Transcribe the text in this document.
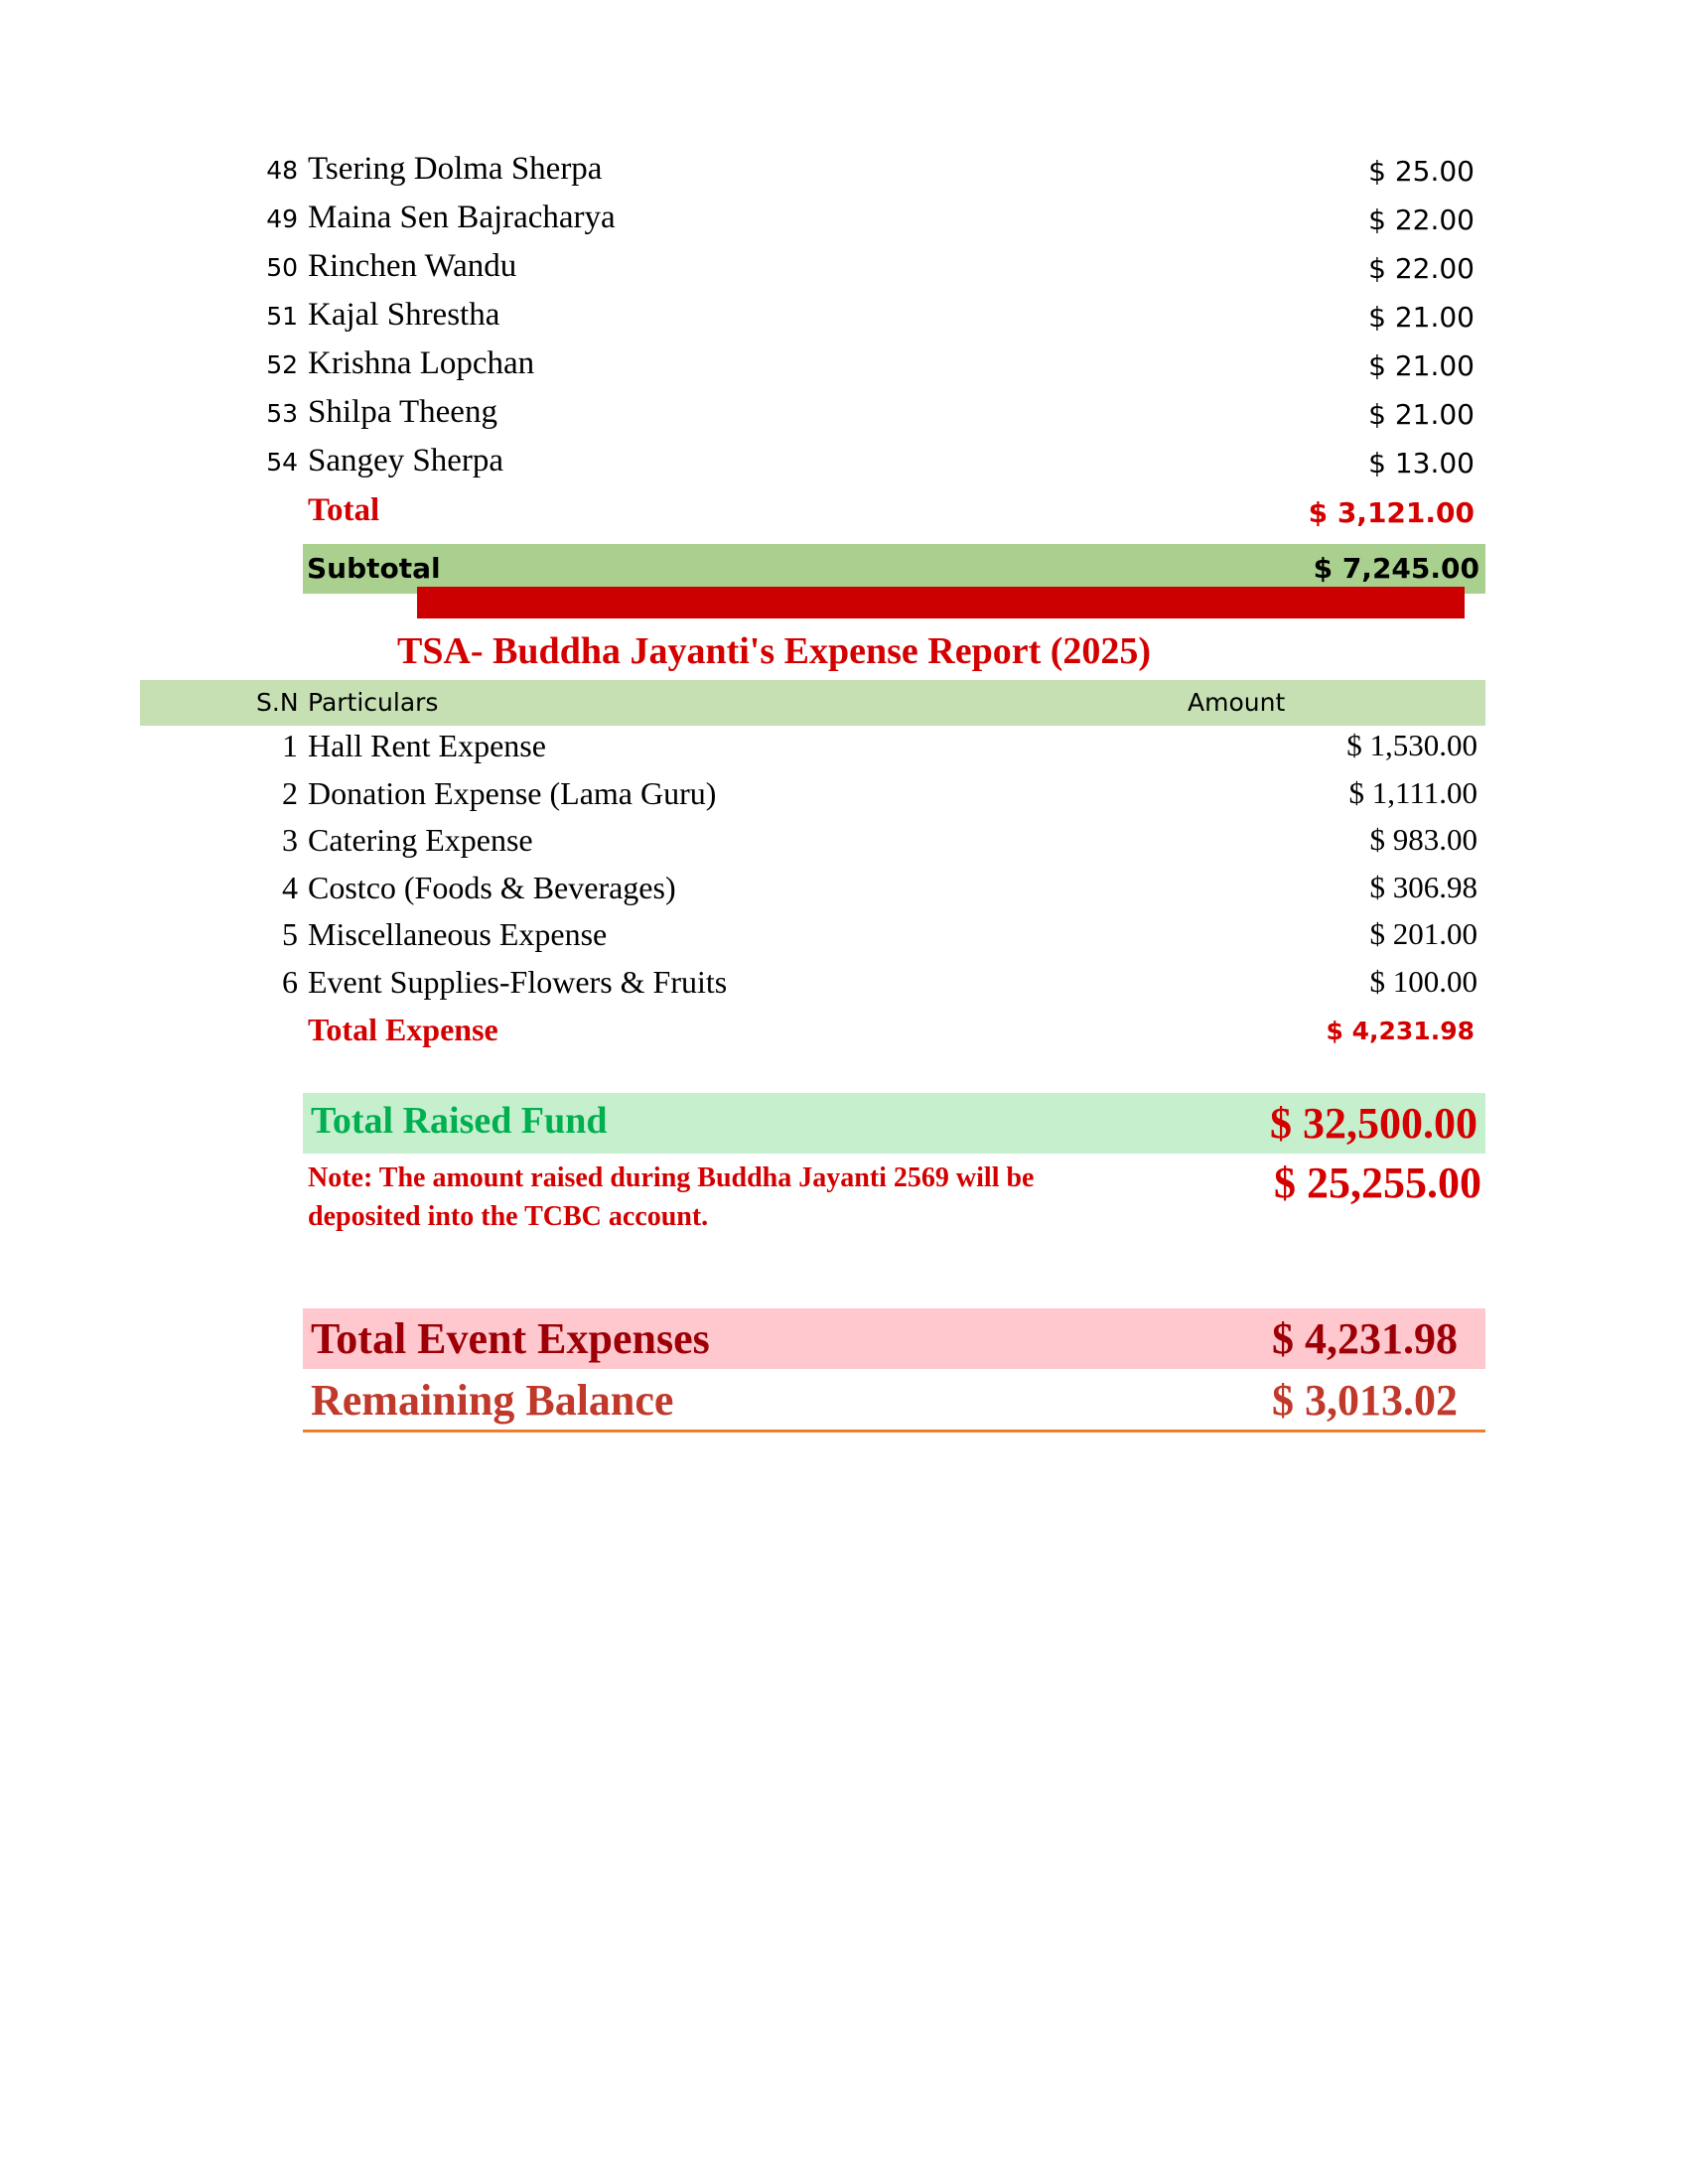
48 Tsering Dolma Sherpa	$ 25.00
49 Maina Sen Bajracharya	$ 22.00
50 Rinchen Wandu	$ 22.00
51 Kajal Shrestha	$ 21.00
52 Krishna Lopchan	$ 21.00
53 Shilpa Theeng	$ 21.00
54 Sangey Sherpa	$ 13.00
Total	$ 3,121.00
Subtotal	$ 7,245.00
TSA- Buddha Jayanti's Expense Report (2025)
S.N Particulars	Amount
1 Hall Rent Expense	$ 1,530.00
2 Donation Expense (Lama Guru)	$ 1,111.00
3 Catering Expense	$ 983.00
4 Costco (Foods & Beverages)	$ 306.98
5 Miscellaneous Expense	$ 201.00
6 Event Supplies-Flowers & Fruits	$ 100.00
Total Expense	$ 4,231.98
Total Raised Fund	$ 32,500.00
Note: The amount raised during Buddha Jayanti 2569 will be
deposited into the TCBC account.
$ 25,255.00
Total Event Expenses	$ 4,231.98
Remaining Balance	$ 3,013.02
